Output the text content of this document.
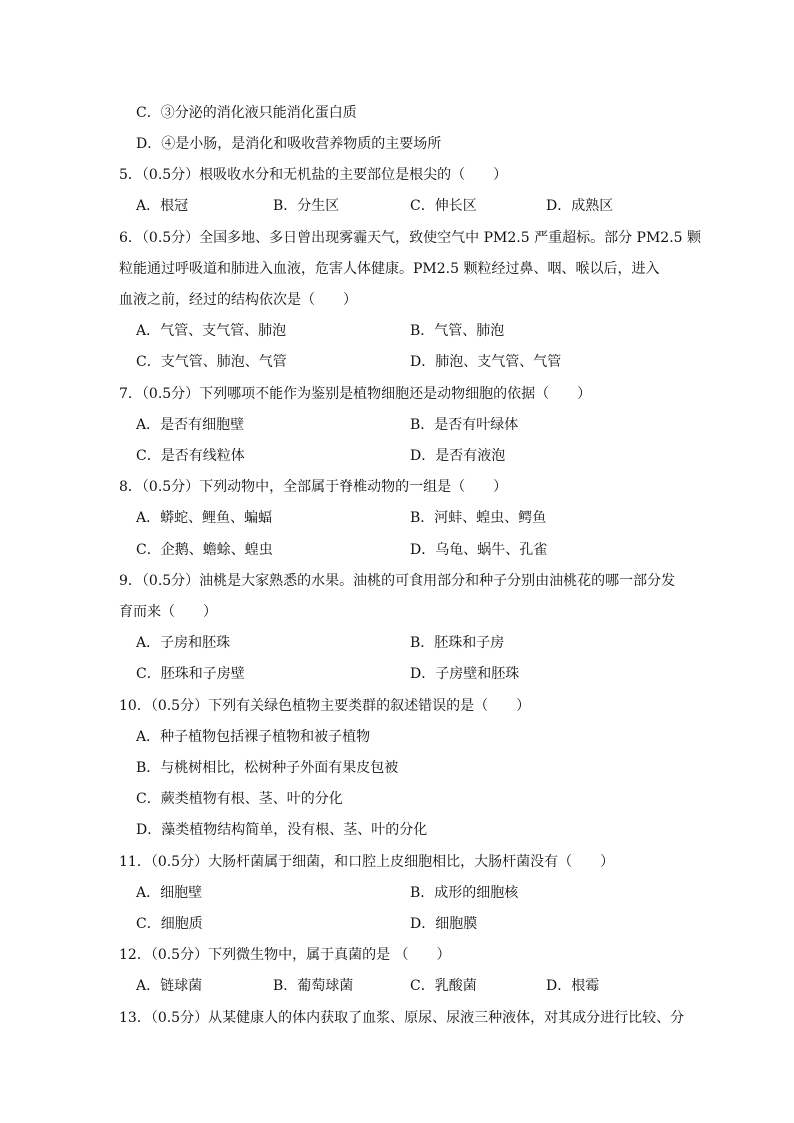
C．③分泌的消化液只能消化蛋白质
D．④是小肠，是消化和吸收营养物质的主要场所
5．（0.5分）根吸收水分和无机盐的主要部位是根尖的（　　）
A．根冠	B．分生区	C．伸长区	D．成熟区
6．（0.5分）全国多地、多日曾出现雾霾天气，致使空气中 PM2.5 严重超标。部分 PM2.5 颗
粒能通过呼吸道和肺进入血液，危害人体健康。PM2.5 颗粒经过鼻、咽、喉以后，进入
血液之前，经过的结构依次是（　　）
A．气管、支气管、肺泡	B．气管、肺泡
C．支气管、肺泡、气管	D．肺泡、支气管、气管
7．（0.5分）下列哪项不能作为鉴别是植物细胞还是动物细胞的依据（　　）
A．是否有细胞壁	B．是否有叶绿体
C．是否有线粒体	D．是否有液泡
8．（0.5分）下列动物中，全部属于脊椎动物的一组是（　　）
A．蟒蛇、鲤鱼、蝙蝠	B．河蚌、蝗虫、鳄鱼
C．企鹅、蟾蜍、蝗虫	D．乌龟、蜗牛、孔雀
9．（0.5分）油桃是大家熟悉的水果。油桃的可食用部分和种子分别由油桃花的哪一部分发
育而来（　　）
A．子房和胚珠	B．胚珠和子房
C．胚珠和子房壁	D．子房壁和胚珠
10．（0.5分）下列有关绿色植物主要类群的叙述错误的是（　　）
A．种子植物包括裸子植物和被子植物
B．与桃树相比，松树种子外面有果皮包被
C．蕨类植物有根、茎、叶的分化
D．藻类植物结构简单，没有根、茎、叶的分化
11．（0.5分）大肠杆菌属于细菌，和口腔上皮细胞相比，大肠杆菌没有（　　）
A．细胞壁	B．成形的细胞核
C．细胞质	D．细胞膜
12．（0.5分）下列微生物中，属于真菌的是 （　　）
A．链球菌	B．葡萄球菌	C．乳酸菌	D．根霉
13．（0.5分）从某健康人的体内获取了血浆、原尿、尿液三种液体，对其成分进行比较、分
